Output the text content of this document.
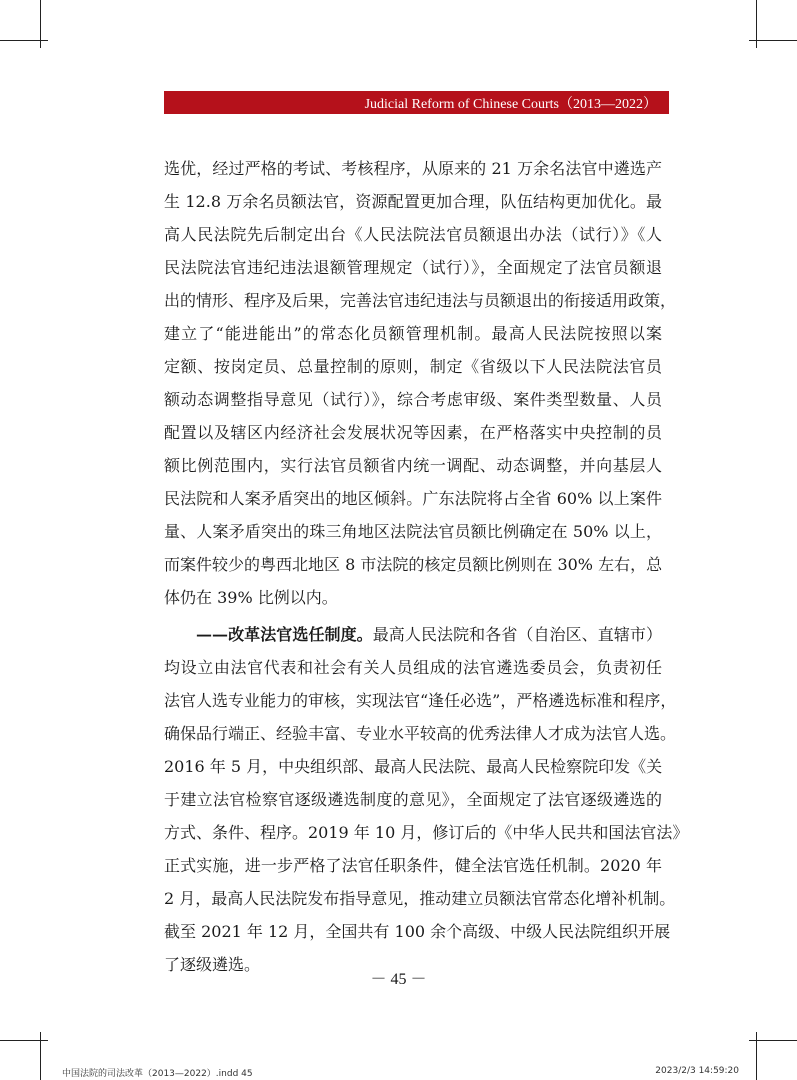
Judicial Reform of Chinese Courts（2013—2022）
选优，经过严格的考试、考核程序，从原来的 21 万余名法官中遴选产
生 12.8 万余名员额法官，资源配置更加合理，队伍结构更加优化。最
高人民法院先后制定出台《人民法院法官员额退出办法（试行）》《人
民法院法官违纪违法退额管理规定（试行）》，全面规定了法官员额退
出的情形、程序及后果，完善法官违纪违法与员额退出的衔接适用政策，
建立了“能进能出”的常态化员额管理机制。最高人民法院按照以案
定额、按岗定员、总量控制的原则，制定《省级以下人民法院法官员
额动态调整指导意见（试行）》，综合考虑审级、案件类型数量、人员
配置以及辖区内经济社会发展状况等因素，在严格落实中央控制的员
额比例范围内，实行法官员额省内统一调配、动态调整，并向基层人
民法院和人案矛盾突出的地区倾斜。广东法院将占全省 60% 以上案件
量、人案矛盾突出的珠三角地区法院法官员额比例确定在 50% 以上，
而案件较少的粤西北地区 8 市法院的核定员额比例则在 30% 左右，总
体仍在 39% 比例以内。
——改革法官选任制度。最高人民法院和各省（自治区、直辖市）
均设立由法官代表和社会有关人员组成的法官遴选委员会，负责初任
法官人选专业能力的审核，实现法官“逢任必选”，严格遴选标准和程序，
确保品行端正、经验丰富、专业水平较高的优秀法律人才成为法官人选。
2016 年 5 月，中央组织部、最高人民法院、最高人民检察院印发《关
于建立法官检察官逐级遴选制度的意见》，全面规定了法官逐级遴选的
方式、条件、程序。2019 年 10 月，修订后的《中华人民共和国法官法》
正式实施，进一步严格了法官任职条件，健全法官选任机制。2020 年
2 月，最高人民法院发布指导意见，推动建立员额法官常态化增补机制。
截至 2021 年 12 月，全国共有 100 余个高级、中级人民法院组织开展
了逐级遴选。
－ 45 －
中国法院的司法改革（2013—2022）.indd 45	2023/2/3 14:59:20
